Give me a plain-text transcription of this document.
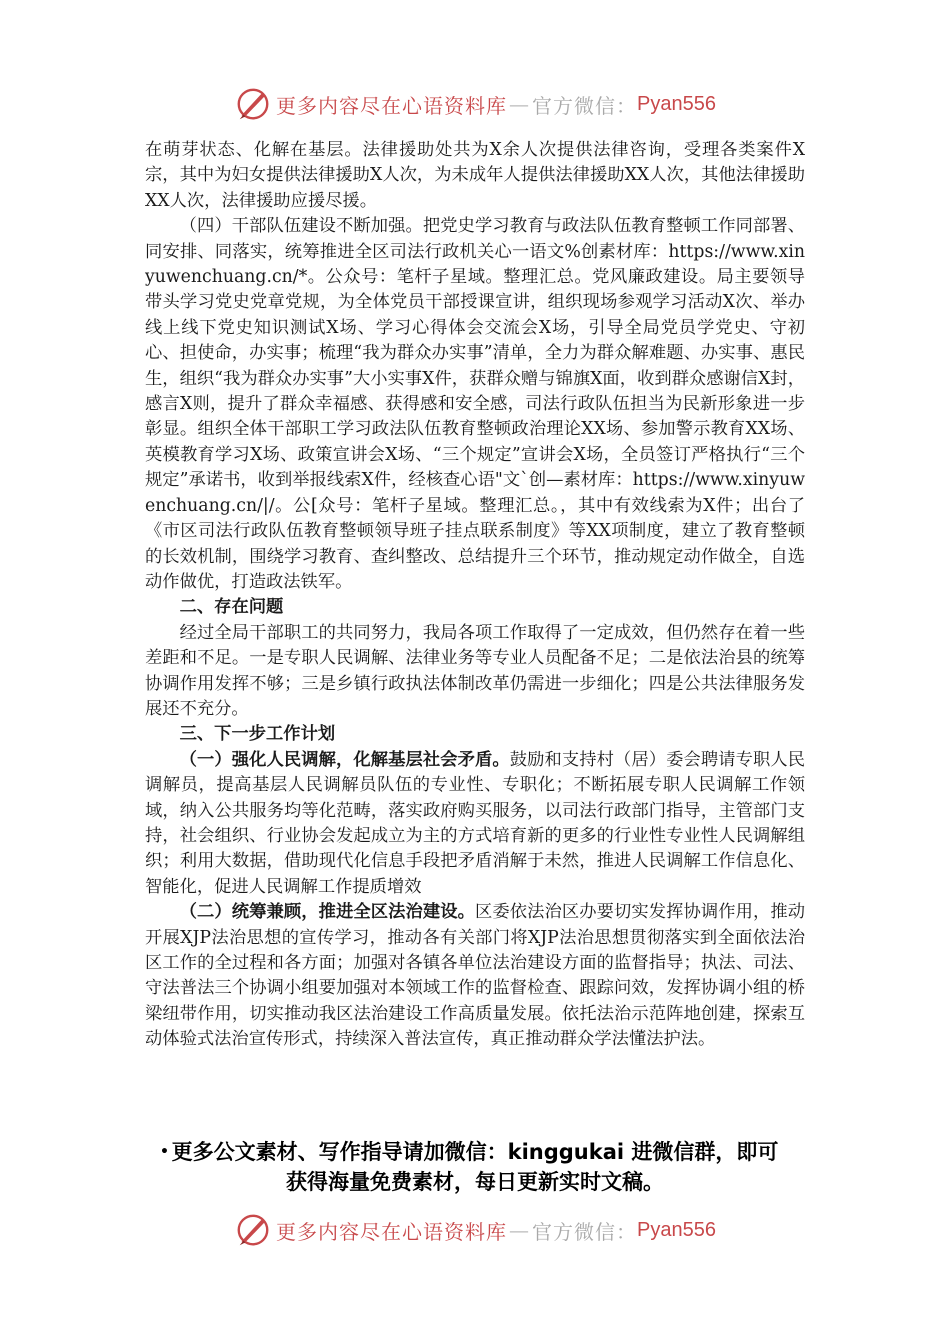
更多内容尽在心语资料库 — 官方微信： Pyan556

在萌芽状态、化解在基层。法律援助处共为X余人次提供法律咨询，受理各类案件X宗，其中为妇女提供法律援助X人次，为未成年人提供法律援助XX人次，其他法律援助XX人次，法律援助应援尽援。

（四）干部队伍建设不断加强。把党史学习教育与政法队伍教育整顿工作同部署、同安排、同落实，统筹推进全区司法行政机关心一语文%创素材库：https://www.xinyuwenchuang.cn/*。公众号：笔杆子星域。整理汇总。党风廉政建设。局主要领导带头学习党史党章党规，为全体党员干部授课宣讲，组织现场参观学习活动X次、举办线上线下党史知识测试X场、学习心得体会交流会X场，引导全局党员学党史、守初心、担使命，办实事；梳理“我为群众办实事”清单，全力为群众解难题、办实事、惠民生，组织“我为群众办实事”大小实事X件，获群众赠与锦旗X面，收到群众感谢信X封，感言X则，提升了群众幸福感、获得感和安全感，司法行政队伍担当为民新形象进一步彰显。组织全体干部职工学习政法队伍教育整顿政治理论XX场、参加警示教育XX场、英模教育学习X场、政策宣讲会X场、“三个规定”宣讲会X场，全员签订严格执行“三个规定”承诺书，收到举报线索X件，经核查心语"文`创—素材库：https://www.xinyuwenchuang.cn/|/。公[众号：笔杆子星域。整理汇总。，其中有效线索为X件；出台了《市区司法行政队伍教育整顿领导班子挂点联系制度》等XX项制度，建立了教育整顿的长效机制，围绕学习教育、查纠整改、总结提升三个环节，推动规定动作做全，自选动作做优，打造政法铁军。

二、存在问题

经过全局干部职工的共同努力，我局各项工作取得了一定成效，但仍然存在着一些差距和不足。一是专职人民调解、法律业务等专业人员配备不足；二是依法治县的统筹协调作用发挥不够；三是乡镇行政执法体制改革仍需进一步细化；四是公共法律服务发展还不充分。

三、下一步工作计划

（一）强化人民调解，化解基层社会矛盾。鼓励和支持村（居）委会聘请专职人民调解员，提高基层人民调解员队伍的专业性、专职化；不断拓展专职人民调解工作领域，纳入公共服务均等化范畴，落实政府购买服务，以司法行政部门指导，主管部门支持，社会组织、行业协会发起成立为主的方式培育新的更多的行业性专业性人民调解组织；利用大数据，借助现代化信息手段把矛盾消解于未然，推进人民调解工作信息化、智能化，促进人民调解工作提质增效

（二）统筹兼顾，推进全区法治建设。区委依法治区办要切实发挥协调作用，推动开展XJP法治思想的宣传学习，推动各有关部门将XJP法治思想贯彻落实到全面依法治区工作的全过程和各方面；加强对各镇各单位法治建设方面的监督指导；执法、司法、守法普法三个协调小组要加强对本领域工作的监督检查、跟踪问效，发挥协调小组的桥梁纽带作用，切实推动我区法治建设工作高质量发展。依托法治示范阵地创建，探索互动体验式法治宣传形式，持续深入普法宣传，真正推动群众学法懂法护法。

• 更多公文素材、写作指导请加微信：kinggukai 进微信群，即可
获得海量免费素材，每日更新实时文稿。
更多内容尽在心语资料库 — 官方微信： Pyan556
